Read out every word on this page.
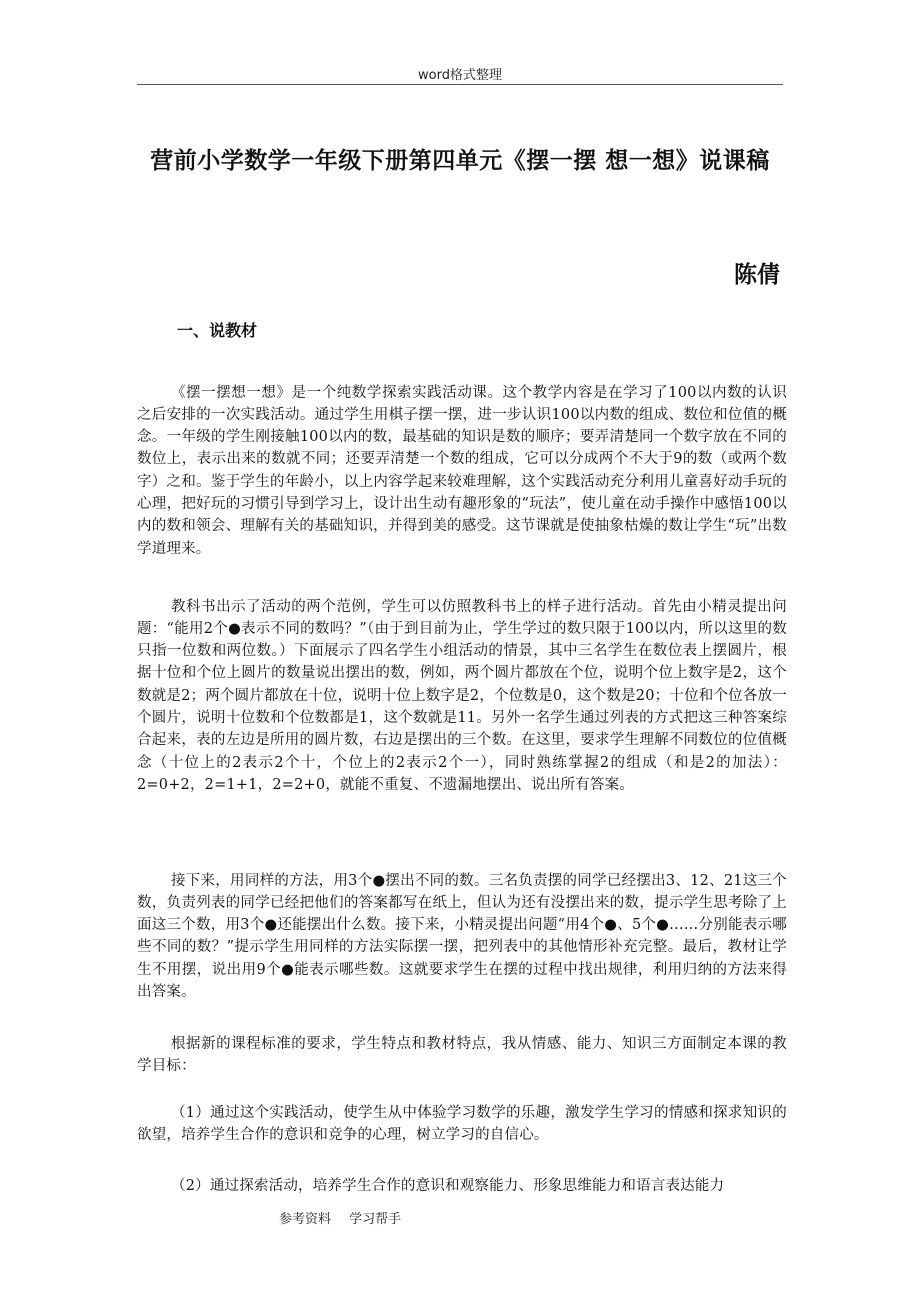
word格式整理
营前小学数学一年级下册第四单元《摆一摆 想一想》说课稿
陈倩
一、说教材

《摆一摆想一想》是一个纯数学探索实践活动课。这个教学内容是在学习了100以内数的认识之后安排的一次实践活动。通过学生用棋子摆一摆，进一步认识100以内数的组成、数位和位值的概念。一年级的学生刚接触100以内的数，最基础的知识是数的顺序；要弄清楚同一个数字放在不同的数位上，表示出来的数就不同；还要弄清楚一个数的组成，它可以分成两个不大于9的数（或两个数字）之和。鉴于学生的年龄小，以上内容学起来较难理解，这个实践活动充分利用儿童喜好动手玩的心理，把好玩的习惯引导到学习上，设计出生动有趣形象的“玩法”，使儿童在动手操作中感悟100以内的数和领会、理解有关的基础知识，并得到美的感受。这节课就是使抽象枯燥的数让学生“玩”出数学道理来。

教科书出示了活动的两个范例，学生可以仿照教科书上的样子进行活动。首先由小精灵提出问题：“能用2个●表示不同的数吗？”（由于到目前为止，学生学过的数只限于100以内，所以这里的数只指一位数和两位数。）下面展示了四名学生小组活动的情景，其中三名学生在数位表上摆圆片，根据十位和个位上圆片的数量说出摆出的数，例如，两个圆片都放在个位，说明个位上数字是2，这个数就是2；两个圆片都放在十位，说明十位上数字是2，个位数是0，这个数是20；十位和个位各放一个圆片，说明十位数和个位数都是1，这个数就是11。另外一名学生通过列表的方式把这三种答案综合起来，表的左边是所用的圆片数，右边是摆出的三个数。在这里，要求学生理解不同数位的位值概念（十位上的2表示2个十，个位上的2表示2个一），同时熟练掌握2的组成（和是2的加法）：2=0+2，2=1+1，2=2+0，就能不重复、不遗漏地摆出、说出所有答案。

接下来，用同样的方法，用3个●摆出不同的数。三名负责摆的同学已经摆出3、12、21这三个数，负责列表的同学已经把他们的答案都写在纸上，但认为还有没摆出来的数，提示学生思考除了上面这三个数，用3个●还能摆出什么数。接下来，小精灵提出问题“用4个●、5个●……分别能表示哪些不同的数？”提示学生用同样的方法实际摆一摆，把列表中的其他情形补充完整。最后，教材让学生不用摆，说出用9个●能表示哪些数。这就要求学生在摆的过程中找出规律，利用归纳的方法来得出答案。

根据新的课程标准的要求，学生特点和教材特点，我从情感、能力、知识三方面制定本课的教学目标：

（1）通过这个实践活动，使学生从中体验学习数学的乐趣，激发学生学习的情感和探求知识的欲望，培养学生合作的意识和竞争的心理，树立学习的自信心。

（2）通过探索活动，培养学生合作的意识和观察能力、形象思维能力和语言表达能力

参考资料 学习帮手
